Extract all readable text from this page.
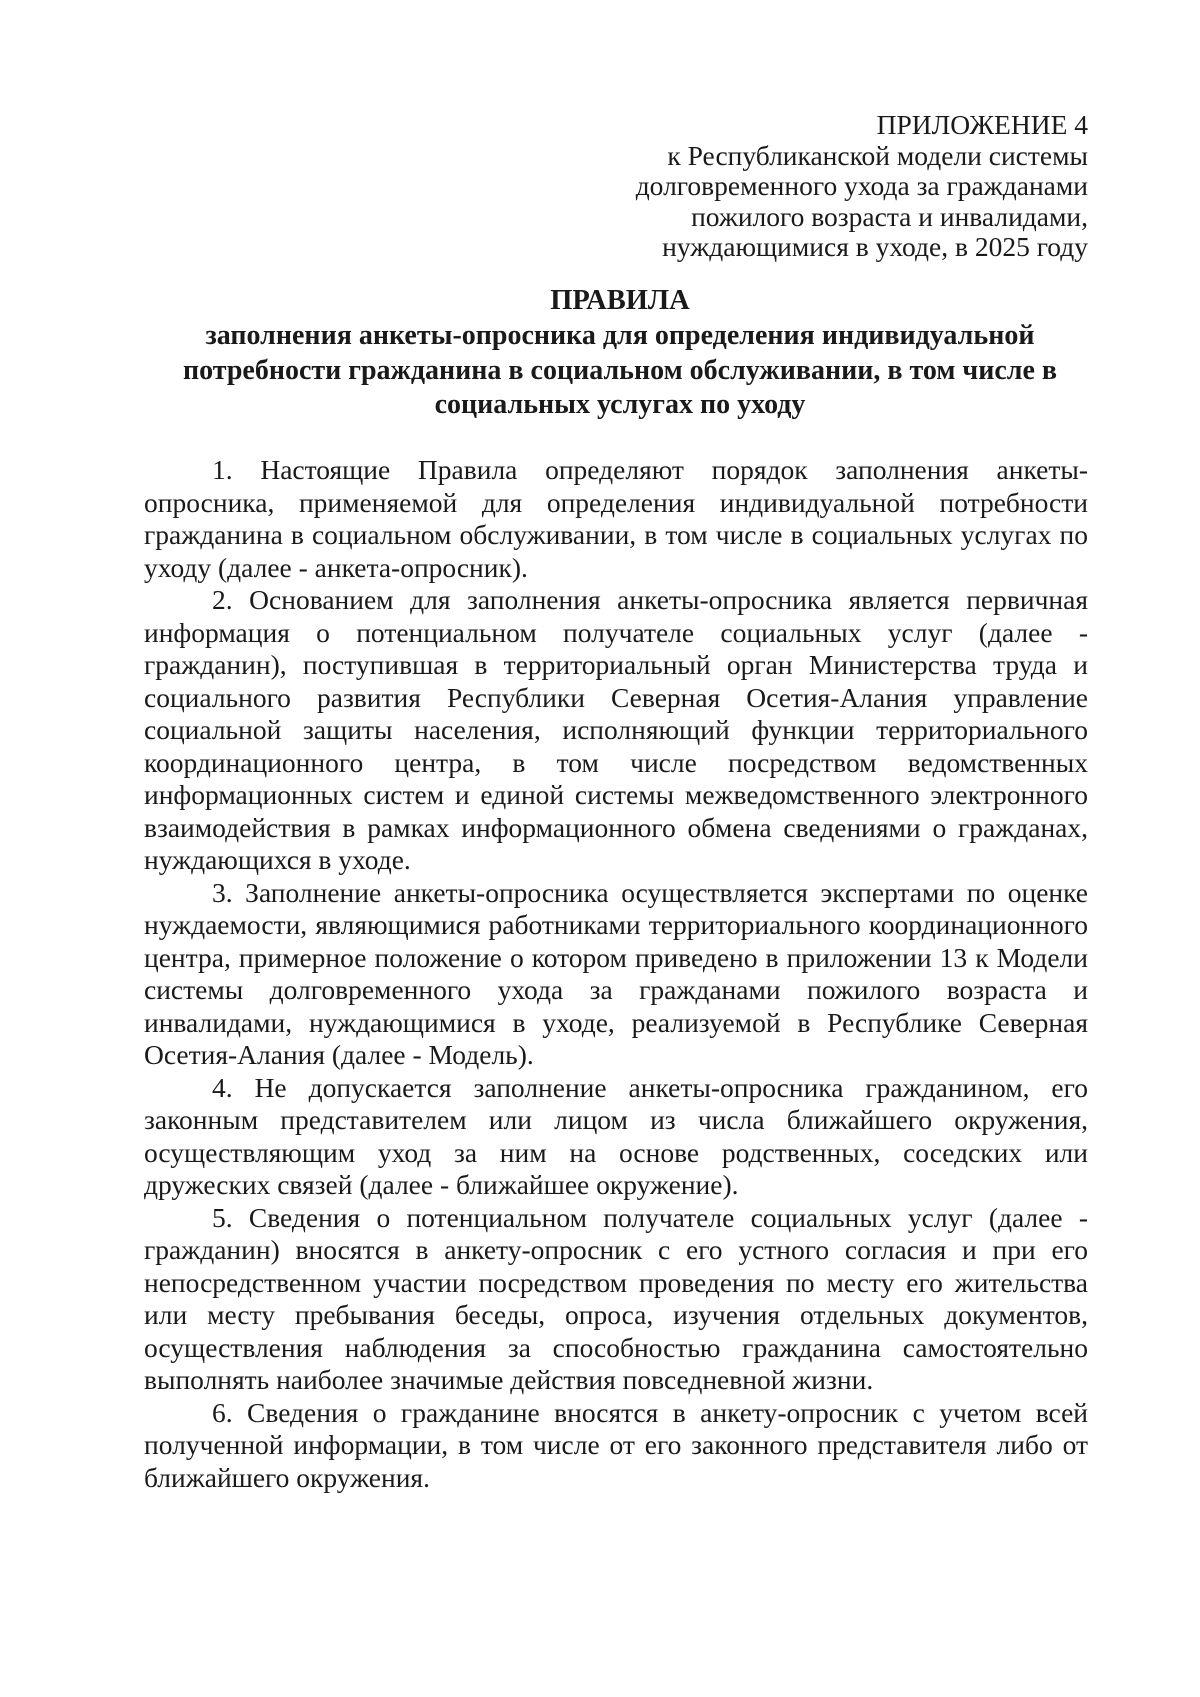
ПРИЛОЖЕНИЕ 4
к Республиканской модели системы
долговременного ухода за гражданами
пожилого возраста и инвалидами,
нуждающимися в уходе, в 2025 году
ПРАВИЛА
заполнения анкеты-опросника для определения индивидуальной
потребности гражданина в социальном обслуживании, в том числе в
социальных услугах по уходу

1. Настоящие Правила определяют порядок заполнения анкеты-опросника, применяемой для определения индивидуальной потребности гражданина в социальном обслуживании, в том числе в социальных услугах по уходу (далее - анкета-опросник).

2. Основанием для заполнения анкеты-опросника является первичная информация о потенциальном получателе социальных услуг (далее - гражданин), поступившая в территориальный орган Министерства труда и социального развития Республики Северная Осетия-Алания управление социальной защиты населения, исполняющий функции территориального координационного центра, в том числе посредством ведомственных информационных систем и единой системы межведомственного электронного взаимодействия в рамках информационного обмена сведениями о гражданах, нуждающихся в уходе.

3. Заполнение анкеты-опросника осуществляется экспертами по оценке нуждаемости, являющимися работниками территориального координационного центра, примерное положение о котором приведено в приложении 13 к Модели системы долговременного ухода за гражданами пожилого возраста и инвалидами, нуждающимися в уходе, реализуемой в Республике Северная Осетия-Алания (далее - Модель).

4. Не допускается заполнение анкеты-опросника гражданином, его законным представителем или лицом из числа ближайшего окружения, осуществляющим уход за ним на основе родственных, соседских или дружеских связей (далее - ближайшее окружение).

5. Сведения о потенциальном получателе социальных услуг (далее - гражданин) вносятся в анкету-опросник с его устного согласия и при его непосредственном участии посредством проведения по месту его жительства или месту пребывания беседы, опроса, изучения отдельных документов, осуществления наблюдения за способностью гражданина самостоятельно выполнять наиболее значимые действия повседневной жизни.

6. Сведения о гражданине вносятся в анкету-опросник с учетом всей полученной информации, в том числе от его законного представителя либо от ближайшего окружения.
